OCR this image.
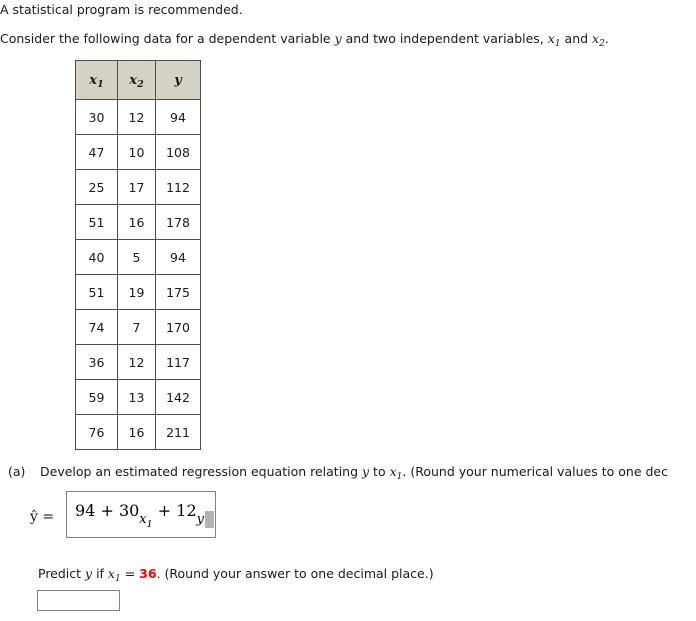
A statistical program is recommended.
Consider the following data for a dependent variable y and two independent variables, $x_1$ and $x_2$.
$x_1$	$x_2$	y
30	12	94
47	10	108
25	17	112
51	16	178
40	5	94
51	19	175
74	7	170
36	12	117
59	13	142
76	16	211
(a) Develop an estimated regression equation relating y to $x_1$. (Round your numerical values to one dec
ŷ = $94 + 30_{x_1} + 12_y$
Predict y if $x_1 = 36$. (Round your answer to one decimal place.)
